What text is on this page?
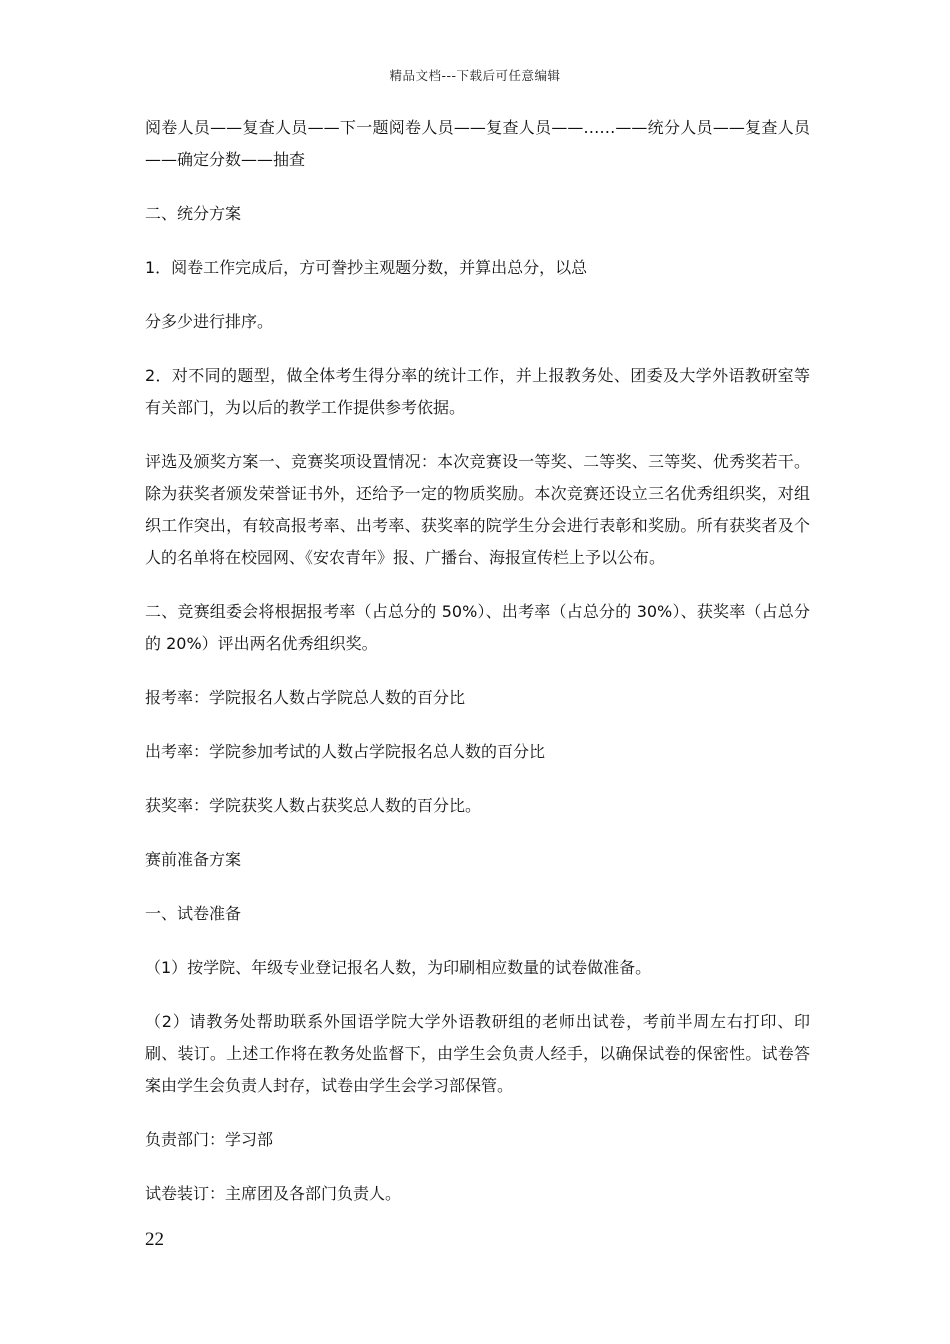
精品文档---下载后可任意编辑

阅卷人员——复查人员——下一题阅卷人员——复查人员——……——统分人员——复查人员——确定分数——抽查

二、统分方案

1．阅卷工作完成后，方可誊抄主观题分数，并算出总分，以总

分多少进行排序。

2．对不同的题型，做全体考生得分率的统计工作，并上报教务处、团委及大学外语教研室等有关部门，为以后的教学工作提供参考依据。

评选及颁奖方案一、竞赛奖项设置情况：本次竞赛设一等奖、二等奖、三等奖、优秀奖若干。除为获奖者颁发荣誉证书外，还给予一定的物质奖励。本次竞赛还设立三名优秀组织奖，对组织工作突出，有较高报考率、出考率、获奖率的院学生分会进行表彰和奖励。所有获奖者及个人的名单将在校园网、《安农青年》报、广播台、海报宣传栏上予以公布。

二、竞赛组委会将根据报考率（占总分的 50%）、出考率（占总分的 30%）、获奖率（占总分的 20%）评出两名优秀组织奖。

报考率：学院报名人数占学院总人数的百分比

出考率：学院参加考试的人数占学院报名总人数的百分比

获奖率：学院获奖人数占获奖总人数的百分比。

赛前准备方案

一、试卷准备

（1）按学院、年级专业登记报名人数，为印刷相应数量的试卷做准备。

（2）请教务处帮助联系外国语学院大学外语教研组的老师出试卷，考前半周左右打印、印刷、装订。上述工作将在教务处监督下，由学生会负责人经手，以确保试卷的保密性。试卷答案由学生会负责人封存，试卷由学生会学习部保管。

负责部门：学习部

试卷装订：主席团及各部门负责人。

22
